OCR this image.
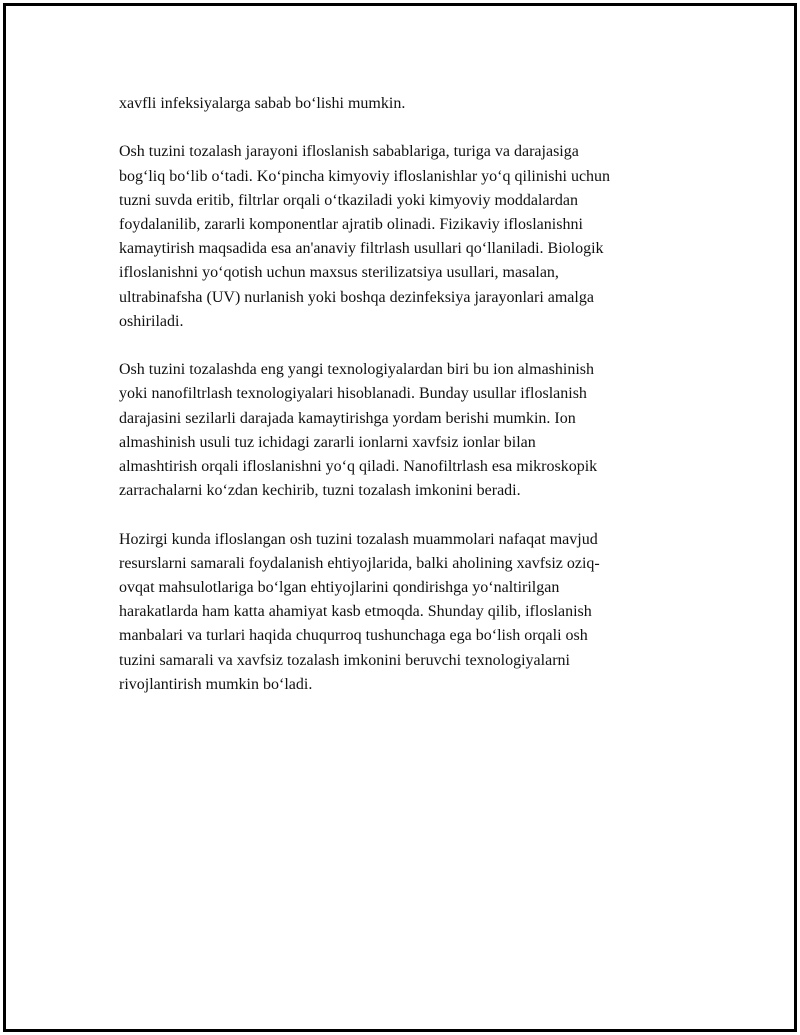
xavfli infeksiyalarga sabab boʻlishi mumkin.

Osh tuzini tozalash jarayoni ifloslanish sabablariga, turiga va darajasiga
bogʻliq boʻlib oʻtadi. Koʻpincha kimyoviy ifloslanishlar yoʻq qilinishi uchun
tuzni suvda eritib, filtrlar orqali oʻtkaziladi yoki kimyoviy moddalardan
foydalanilib, zararli komponentlar ajratib olinadi. Fizikaviy ifloslanishni
kamaytirish maqsadida esa an'anaviy filtrlash usullari qoʻllaniladi. Biologik
ifloslanishni yoʻqotish uchun maxsus sterilizatsiya usullari, masalan,
ultrabinafsha (UV) nurlanish yoki boshqa dezinfeksiya jarayonlari amalga
oshiriladi.

Osh tuzini tozalashda eng yangi texnologiyalardan biri bu ion almashinish
yoki nanofiltrlash texnologiyalari hisoblanadi. Bunday usullar ifloslanish
darajasini sezilarli darajada kamaytirishga yordam berishi mumkin. Ion
almashinish usuli tuz ichidagi zararli ionlarni xavfsiz ionlar bilan
almashtirish orqali ifloslanishni yoʻq qiladi. Nanofiltrlash esa mikroskopik
zarrachalarni koʻzdan kechirib, tuzni tozalash imkonini beradi.

Hozirgi kunda ifloslangan osh tuzini tozalash muammolari nafaqat mavjud
resurslarni samarali foydalanish ehtiyojlarida, balki aholining xavfsiz oziq-
ovqat mahsulotlariga boʻlgan ehtiyojlarini qondirishga yoʻnaltirilgan
harakatlarda ham katta ahamiyat kasb etmoqda. Shunday qilib, ifloslanish
manbalari va turlari haqida chuqurroq tushunchaga ega boʻlish orqali osh
tuzini samarali va xavfsiz tozalash imkonini beruvchi texnologiyalarni
rivojlantirish mumkin boʻladi.
